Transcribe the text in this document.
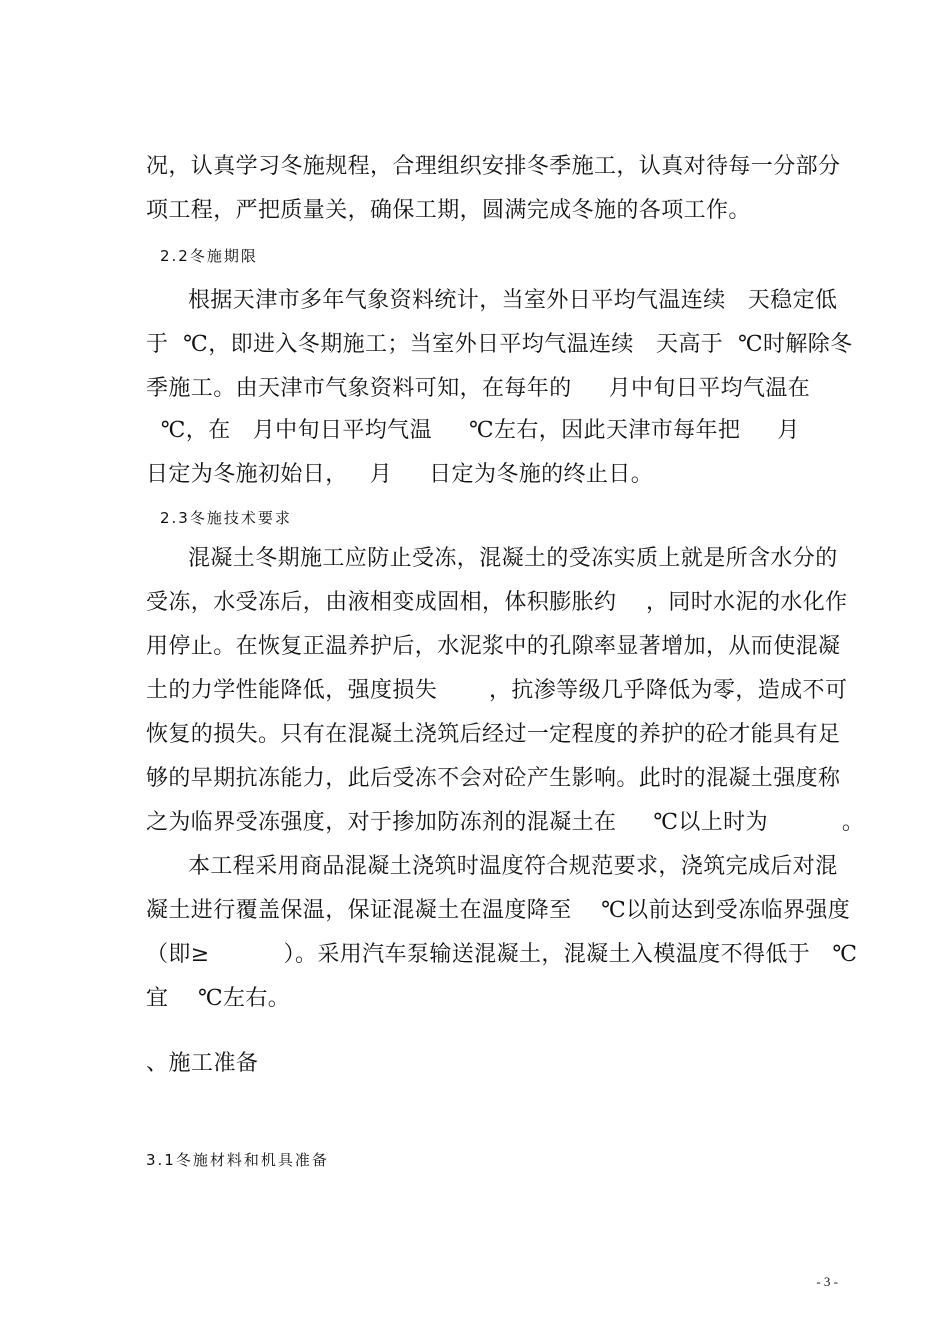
况，认真学习冬施规程，合理组织安排冬季施工，认真对待每一分部分
项工程，严把质量关，确保工期，圆满完成冬施的各项工作。
2.2冬施期限
根据天津市多年气象资料统计，当室外日平均气温连续   天稳定低
于  ℃，即进入冬期施工；当室外日平均气温连续   天高于  ℃时解除冬
季施工。由天津市气象资料可知，在每年的     月中旬日平均气温在
℃，在   月中旬日平均气温     ℃左右，因此天津市每年把     月
日定为冬施初始日，   月     日定为冬施的终止日。
2.3冬施技术要求
混凝土冬期施工应防止受冻，混凝土的受冻实质上就是所含水分的
受冻，水受冻后，由液相变成固相，体积膨胀约    ，同时水泥的水化作
用停止。在恢复正温养护后，水泥浆中的孔隙率显著增加，从而使混凝
土的力学性能降低，强度损失       ，抗渗等级几乎降低为零，造成不可
恢复的损失。只有在混凝土浇筑后经过一定程度的养护的砼才能具有足
够的早期抗冻能力，此后受冻不会对砼产生影响。此时的混凝土强度称
之为临界受冻强度，对于掺加防冻剂的混凝土在     ℃以上时为          。
本工程采用商品混凝土浇筑时温度符合规范要求，浇筑完成后对混
凝土进行覆盖保温，保证混凝土在温度降至    ℃以前达到受冻临界强度
（即≥          ）。采用汽车泵输送混凝土，混凝土入模温度不得低于   ℃
宜    ℃左右。
、施工准备
3.1冬施材料和机具准备
- 3 -
